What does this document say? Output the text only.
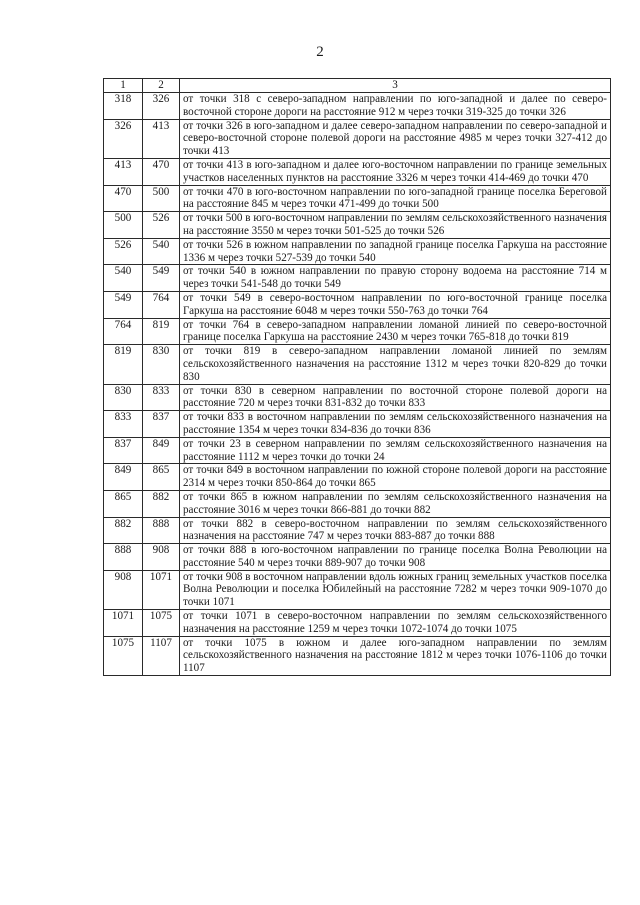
2
1	2	3
318	326	от точки 318 с северо-западном направлении по юго-западной и далее по северо-восточной стороне дороги на расстояние 912 м через точки 319-325 до точки 326
326	413	от точки 326 в юго-западном и далее северо-западном направлении по северо-западной и северо-восточной стороне полевой дороги на расстояние 4985 м через точки 327-412 до точки 413
413	470	от точки 413 в юго-западном и далее юго-восточном направлении по границе земельных участков населенных пунктов на расстояние 3326 м через точки 414-469 до точки 470
470	500	от точки 470 в юго-восточном направлении по юго-западной границе поселка Береговой на расстояние 845 м через точки 471-499 до точки 500
500	526	от точки 500 в юго-восточном направлении по землям сельскохозяйственного назначения на расстояние 3550 м через точки 501-525 до точки 526
526	540	от точки 526 в южном направлении по западной границе поселка Гаркуша на расстояние 1336 м через точки 527-539 до точки 540
540	549	от точки 540 в южном направлении по правую сторону водоема на расстояние 714 м через точки 541-548 до точки 549
549	764	от точки 549 в северо-восточном направлении по юго-восточной границе поселка Гаркуша на расстояние 6048 м через точки 550-763 до точки 764
764	819	от точки 764 в северо-западном направлении ломаной линией по северо-восточной границе поселка Гаркуша на расстояние 2430 м через точки 765-818 до точки 819
819	830	от точки 819 в северо-западном направлении ломаной линией по землям сельскохозяйственного назначения на расстояние 1312 м через точки 820-829 до точки 830
830	833	от точки 830 в северном направлении по восточной стороне полевой дороги на расстояние 720 м через точки 831-832 до точки 833
833	837	от точки 833 в восточном направлении по землям сельскохозяйственного назначения на расстояние 1354 м через точки 834-836 до точки 836
837	849	от точки 23 в северном направлении по землям сельскохозяйственного назначения на расстояние 1112 м через точки до точки 24
849	865	от точки 849 в восточном направлении по южной стороне полевой дороги на расстояние 2314 м через точки 850-864 до точки 865
865	882	от точки 865 в южном направлении по землям сельскохозяйственного назначения на расстояние 3016 м через точки 866-881 до точки 882
882	888	от точки 882 в северо-восточном направлении по землям сельскохозяйственного назначения на расстояние 747 м через точки 883-887 до точки 888
888	908	от точки 888 в юго-восточном направлении по границе поселка Волна Революции на расстояние 540 м через точки 889-907 до точки 908
908	1071	от точки 908 в восточном направлении вдоль южных границ земельных участков поселка Волна Революции и поселка Юбилейный на расстояние 7282 м через точки 909-1070 до точки 1071
1071	1075	от точки 1071 в северо-восточном направлении по землям сельскохозяйственного назначения на расстояние 1259 м через точки 1072-1074 до точки 1075
1075	1107	от точки 1075 в южном и далее юго-западном направлении по землям сельскохозяйственного назначения на расстояние 1812 м через точки 1076-1106 до точки 1107
